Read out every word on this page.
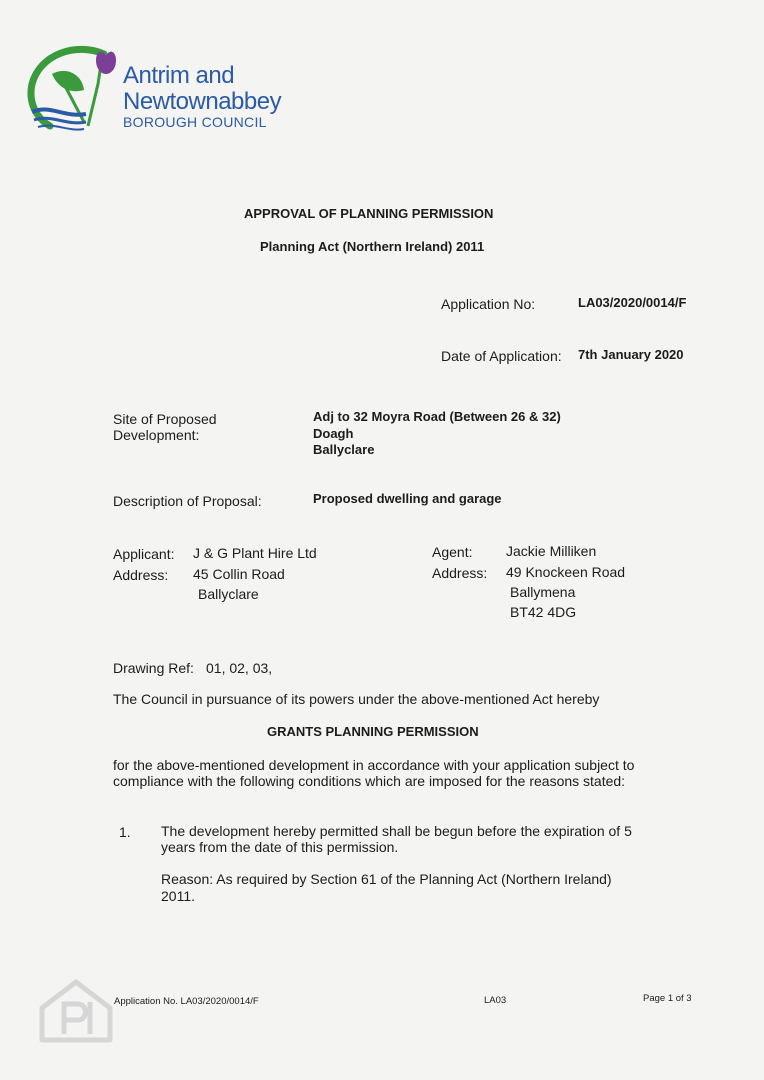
Antrim and
Newtownabbey
BOROUGH COUNCIL
APPROVAL OF PLANNING PERMISSION
Planning Act (Northern Ireland) 2011
Application No:	LA03/2020/0014/F
Date of Application: 7th January 2020
Site of Proposed
Development:
Adj to 32 Moyra Road (Between 26 & 32)
Doagh
Ballyclare
Description of Proposal:	Proposed dwelling and garage
Applicant: J & G Plant Hire Ltd
Address: 45 Collin Road
Ballyclare
Agent: Jackie Milliken
Address: 49 Knockeen Road
Ballymena
BT42 4DG
Drawing Ref: 01, 02, 03,
The Council in pursuance of its powers under the above-mentioned Act hereby
GRANTS PLANNING PERMISSION
for the above-mentioned development in accordance with your application subject to
compliance with the following conditions which are imposed for the reasons stated:
1. The development hereby permitted shall be begun before the expiration of 5
years from the date of this permission.
Reason: As required by Section 61 of the Planning Act (Northern Ireland)
2011.
Application No. LA03/2020/0014/F	LA03	Page 1 of 3
